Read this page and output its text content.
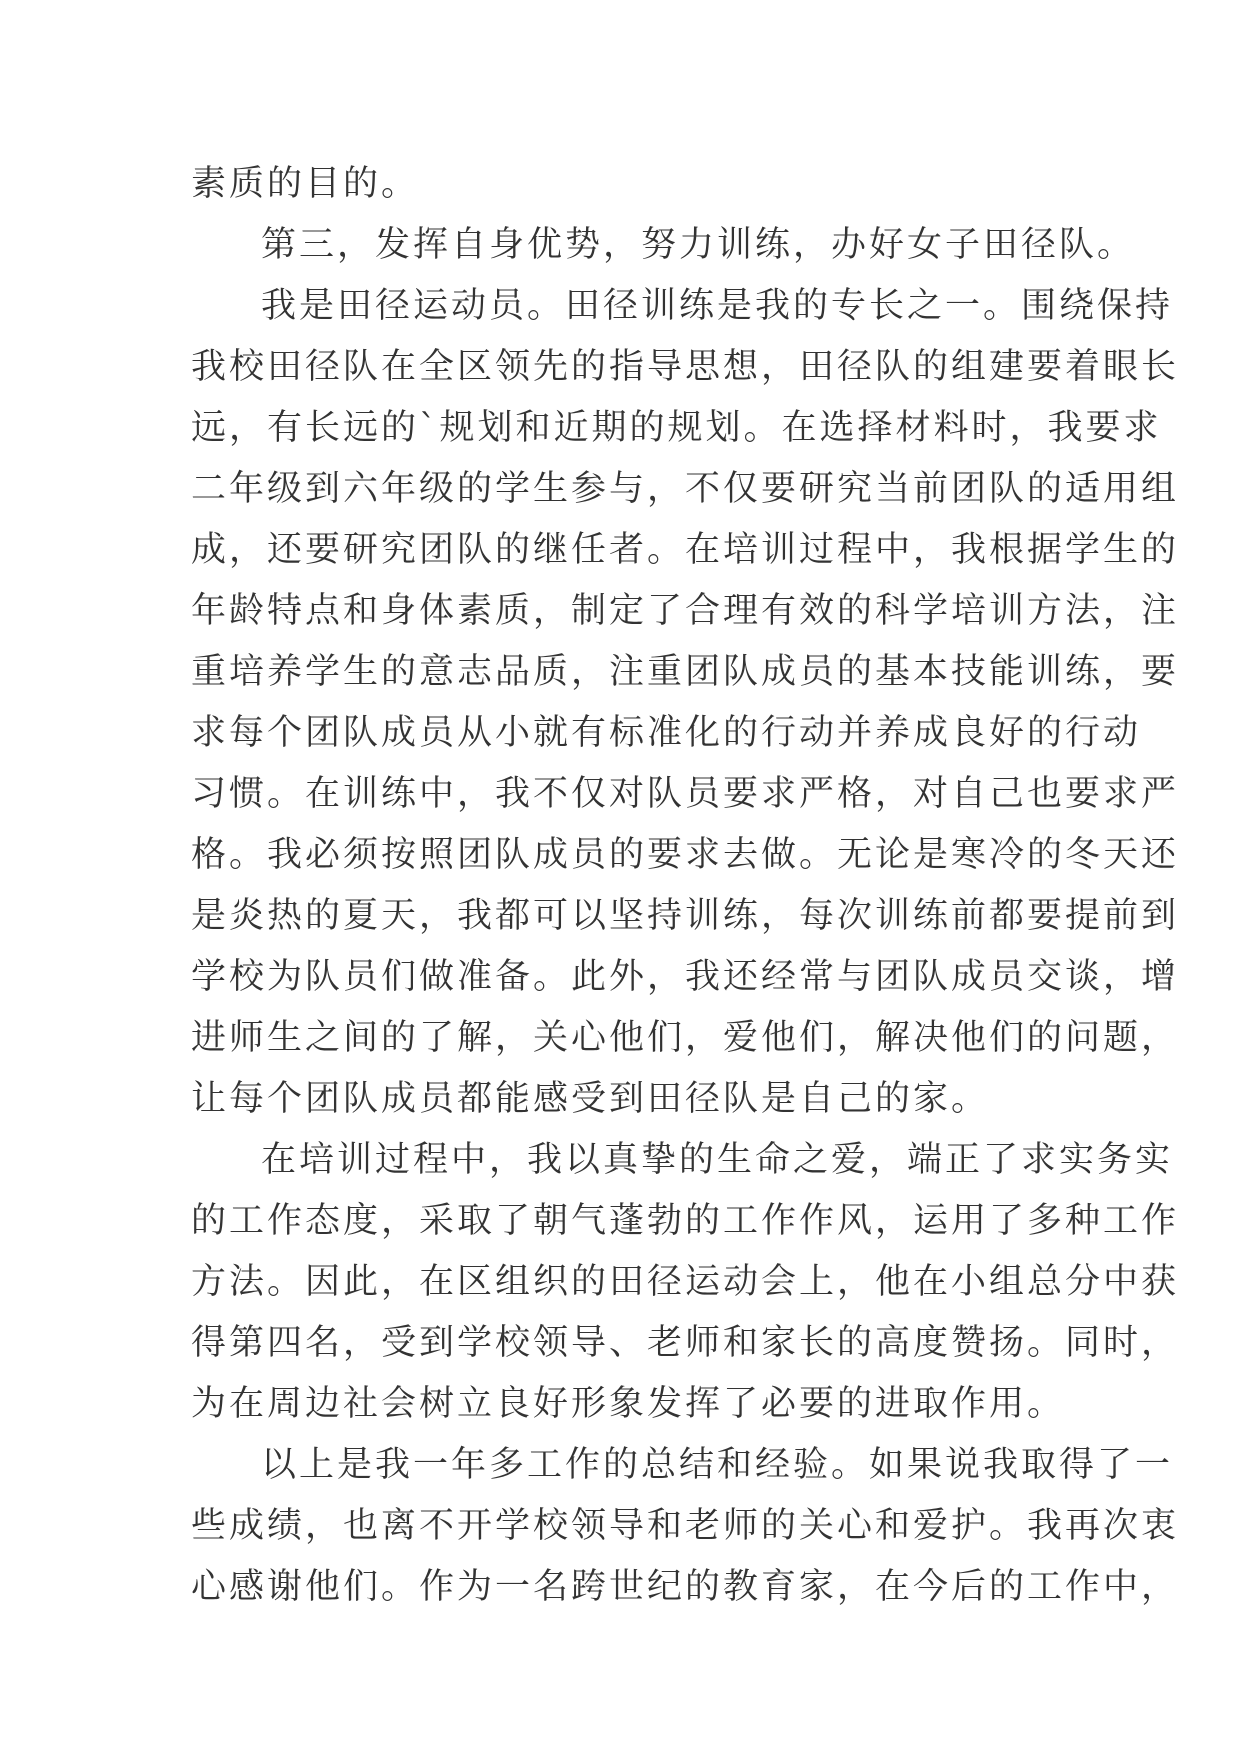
素质的目的。
第三，发挥自身优势，努力训练，办好女子田径队。
我是田径运动员。田径训练是我的专长之一。围绕保持
我校田径队在全区领先的指导思想，田径队的组建要着眼长
远，有长远的`规划和近期的规划。在选择材料时，我要求
二年级到六年级的学生参与，不仅要研究当前团队的适用组
成，还要研究团队的继任者。在培训过程中，我根据学生的
年龄特点和身体素质，制定了合理有效的科学培训方法，注
重培养学生的意志品质，注重团队成员的基本技能训练，要
求每个团队成员从小就有标准化的行动并养成良好的行动
习惯。在训练中，我不仅对队员要求严格，对自己也要求严
格。我必须按照团队成员的要求去做。无论是寒冷的冬天还
是炎热的夏天，我都可以坚持训练，每次训练前都要提前到
学校为队员们做准备。此外，我还经常与团队成员交谈，增
进师生之间的了解，关心他们，爱他们，解决他们的问题，
让每个团队成员都能感受到田径队是自己的家。
在培训过程中，我以真挚的生命之爱，端正了求实务实
的工作态度，采取了朝气蓬勃的工作作风，运用了多种工作
方法。因此，在区组织的田径运动会上，他在小组总分中获
得第四名，受到学校领导、老师和家长的高度赞扬。同时，
为在周边社会树立良好形象发挥了必要的进取作用。
以上是我一年多工作的总结和经验。如果说我取得了一
些成绩，也离不开学校领导和老师的关心和爱护。我再次衷
心感谢他们。作为一名跨世纪的教育家，在今后的工作中，
